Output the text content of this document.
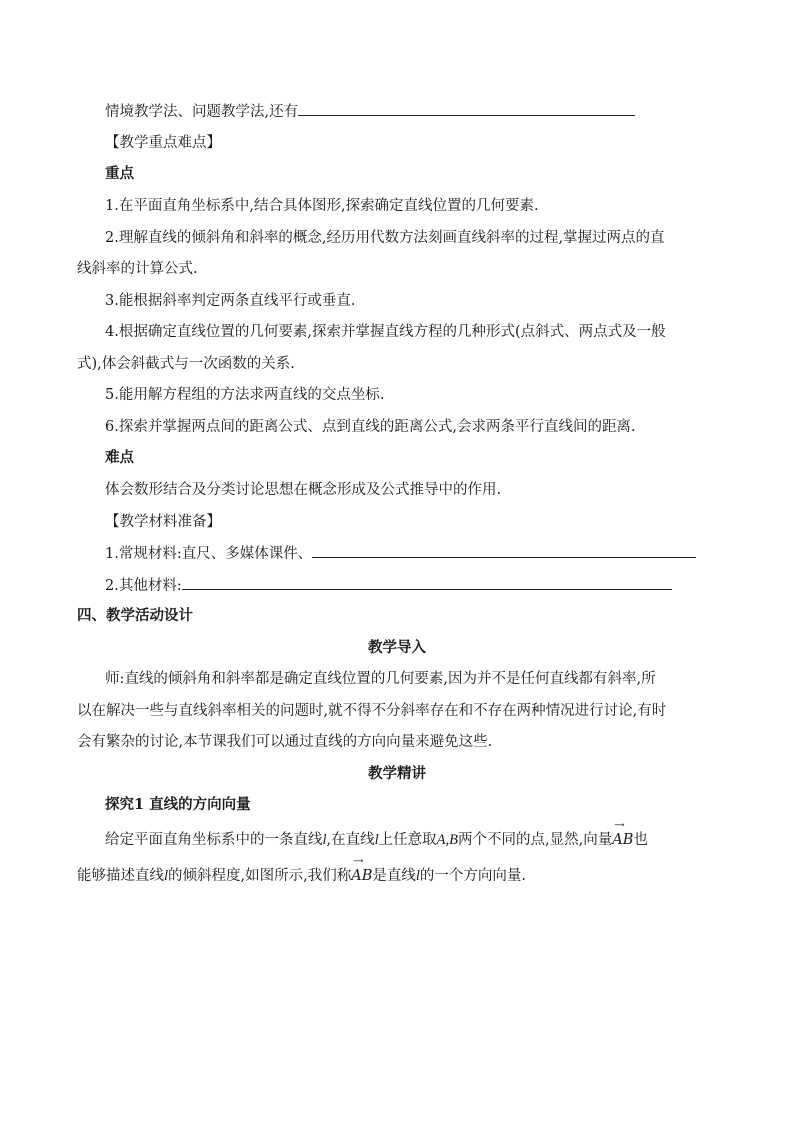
情境教学法、问题教学法,还有
【教学重点难点】
重点
1.在平面直角坐标系中,结合具体图形,探索确定直线位置的几何要素.
2.理解直线的倾斜角和斜率的概念,经历用代数方法刻画直线斜率的过程,掌握过两点的直
线斜率的计算公式.
3.能根据斜率判定两条直线平行或垂直.
4.根据确定直线位置的几何要素,探索并掌握直线方程的几种形式(点斜式、两点式及一般
式),体会斜截式与一次函数的关系.
5.能用解方程组的方法求两直线的交点坐标.
6.探索并掌握两点间的距离公式、点到直线的距离公式,会求两条平行直线间的距离.
难点
体会数形结合及分类讨论思想在概念形成及公式推导中的作用.
【教学材料准备】
1.常规材料:直尺、多媒体课件、
2.其他材料:
四、教学活动设计
教学导入
师:直线的倾斜角和斜率都是确定直线位置的几何要素,因为并不是任何直线都有斜率,所
以在解决一些与直线斜率相关的问题时,就不得不分斜率存在和不存在两种情况进行讨论,有时
会有繁杂的讨论,本节课我们可以通过直线的方向向量来避免这些.
教学精讲
探究1 直线的方向向量
给定平面直角坐标系中的一条直线l,在直线l上任意取A,B两个不同的点,显然,向量
⟶
AB也
能够描述直线l的倾斜程度,如图所示,我们称
⟶
AB是直线l的一个方向向量.
